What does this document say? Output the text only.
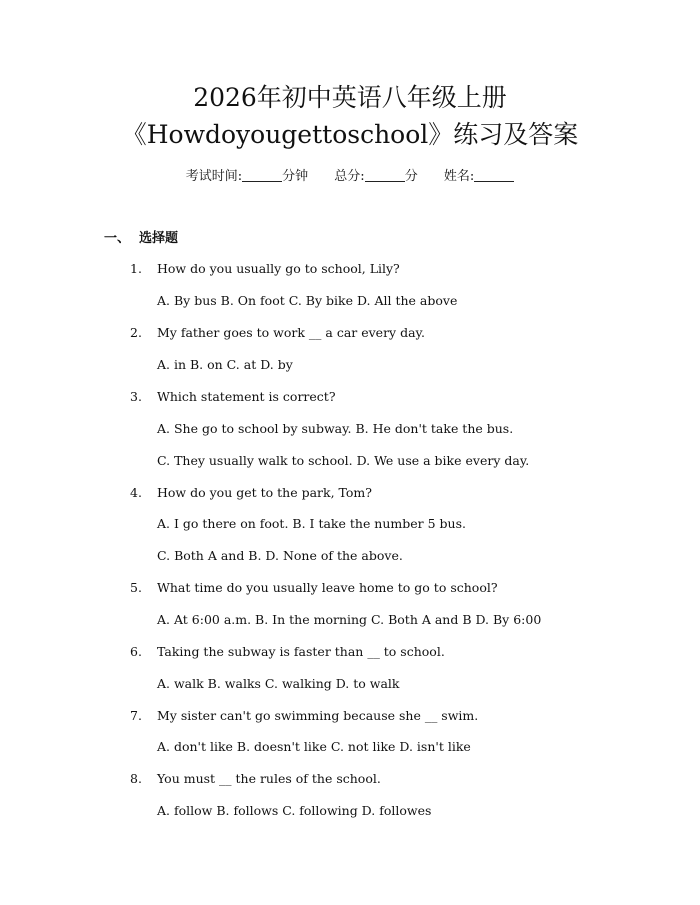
2026年初中英语八年级上册
《Howdoyougettoschool》练习及答案
考试时间:	分钟 总分:	分 姓名:
一、 选择题
1. How do you usually go to school, Lily?
A. By bus B. On foot C. By bike D. All the above
2. My father goes to work __ a car every day.
A. in B. on C. at D. by
3. Which statement is correct?
A. She go to school by subway. B. He don't take the bus.
C. They usually walk to school. D. We use a bike every day.
4. How do you get to the park, Tom?
A. I go there on foot. B. I take the number 5 bus.
C. Both A and B. D. None of the above.
5. What time do you usually leave home to go to school?
A. At 6:00 a.m. B. In the morning C. Both A and B D. By 6:00
6. Taking the subway is faster than __ to school.
A. walk B. walks C. walking D. to walk
7. My sister can't go swimming because she __ swim.
A. don't like B. doesn't like C. not like D. isn't like
8. You must __ the rules of the school.
A. follow B. follows C. following D. followes
